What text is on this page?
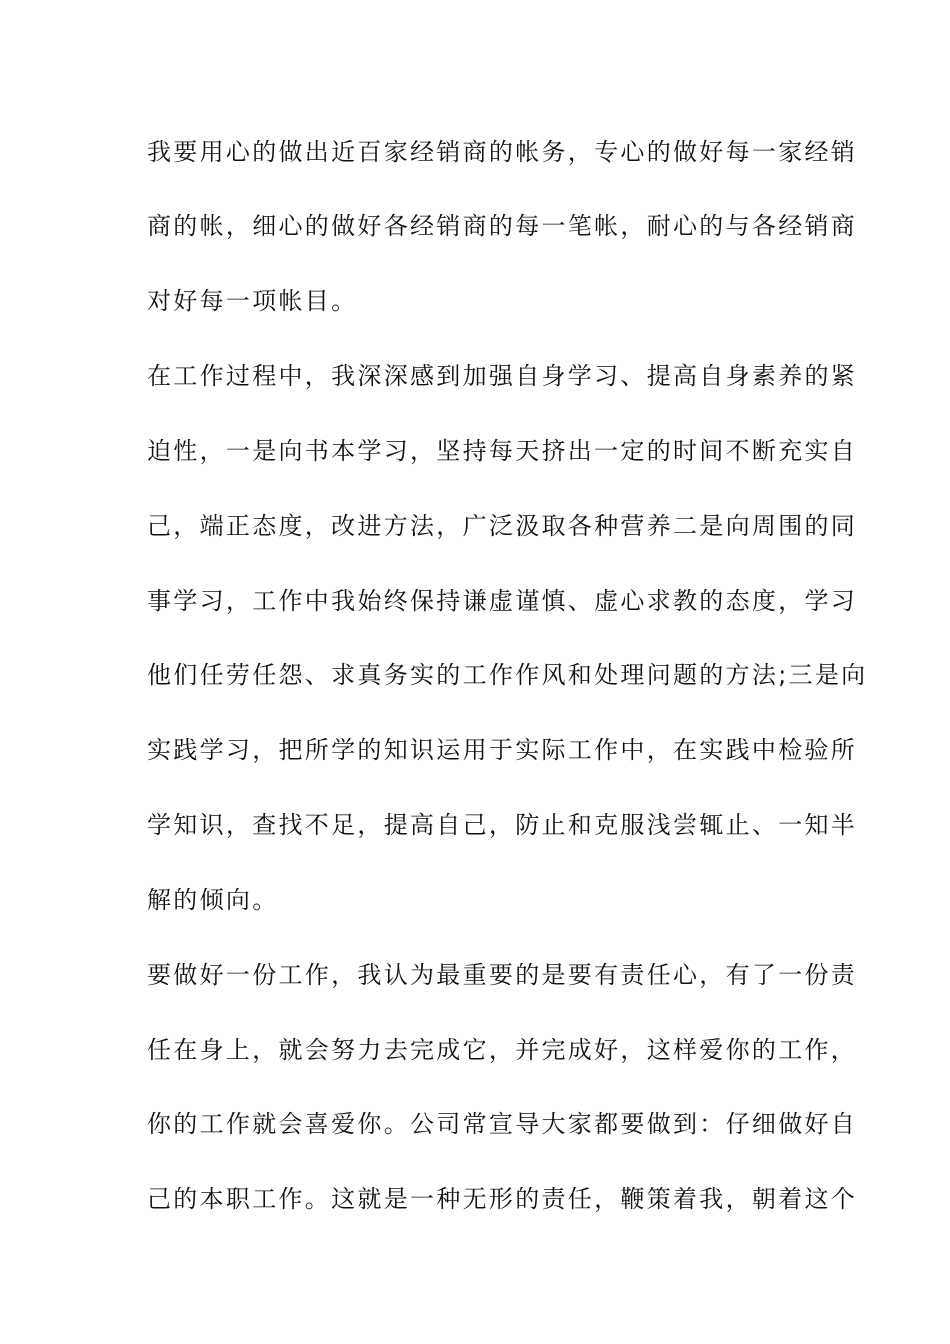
我要用心的做出近百家经销商的帐务，专心的做好每一家经销
商的帐，细心的做好各经销商的每一笔帐，耐心的与各经销商
对好每一项帐目。
在工作过程中，我深深感到加强自身学习、提高自身素养的紧
迫性，一是向书本学习，坚持每天挤出一定的时间不断充实自
己，端正态度，改进方法，广泛汲取各种营养二是向周围的同
事学习，工作中我始终保持谦虚谨慎、虚心求教的态度，学习
他们任劳任怨、求真务实的工作作风和处理问题的方法;三是向
实践学习，把所学的知识运用于实际工作中，在实践中检验所
学知识，查找不足，提高自己，防止和克服浅尝辄止、一知半
解的倾向。
要做好一份工作，我认为最重要的是要有责任心，有了一份责
任在身上，就会努力去完成它，并完成好，这样爱你的工作，
你的工作就会喜爱你。公司常宣导大家都要做到：仔细做好自
己的本职工作。这就是一种无形的责任，鞭策着我，朝着这个
